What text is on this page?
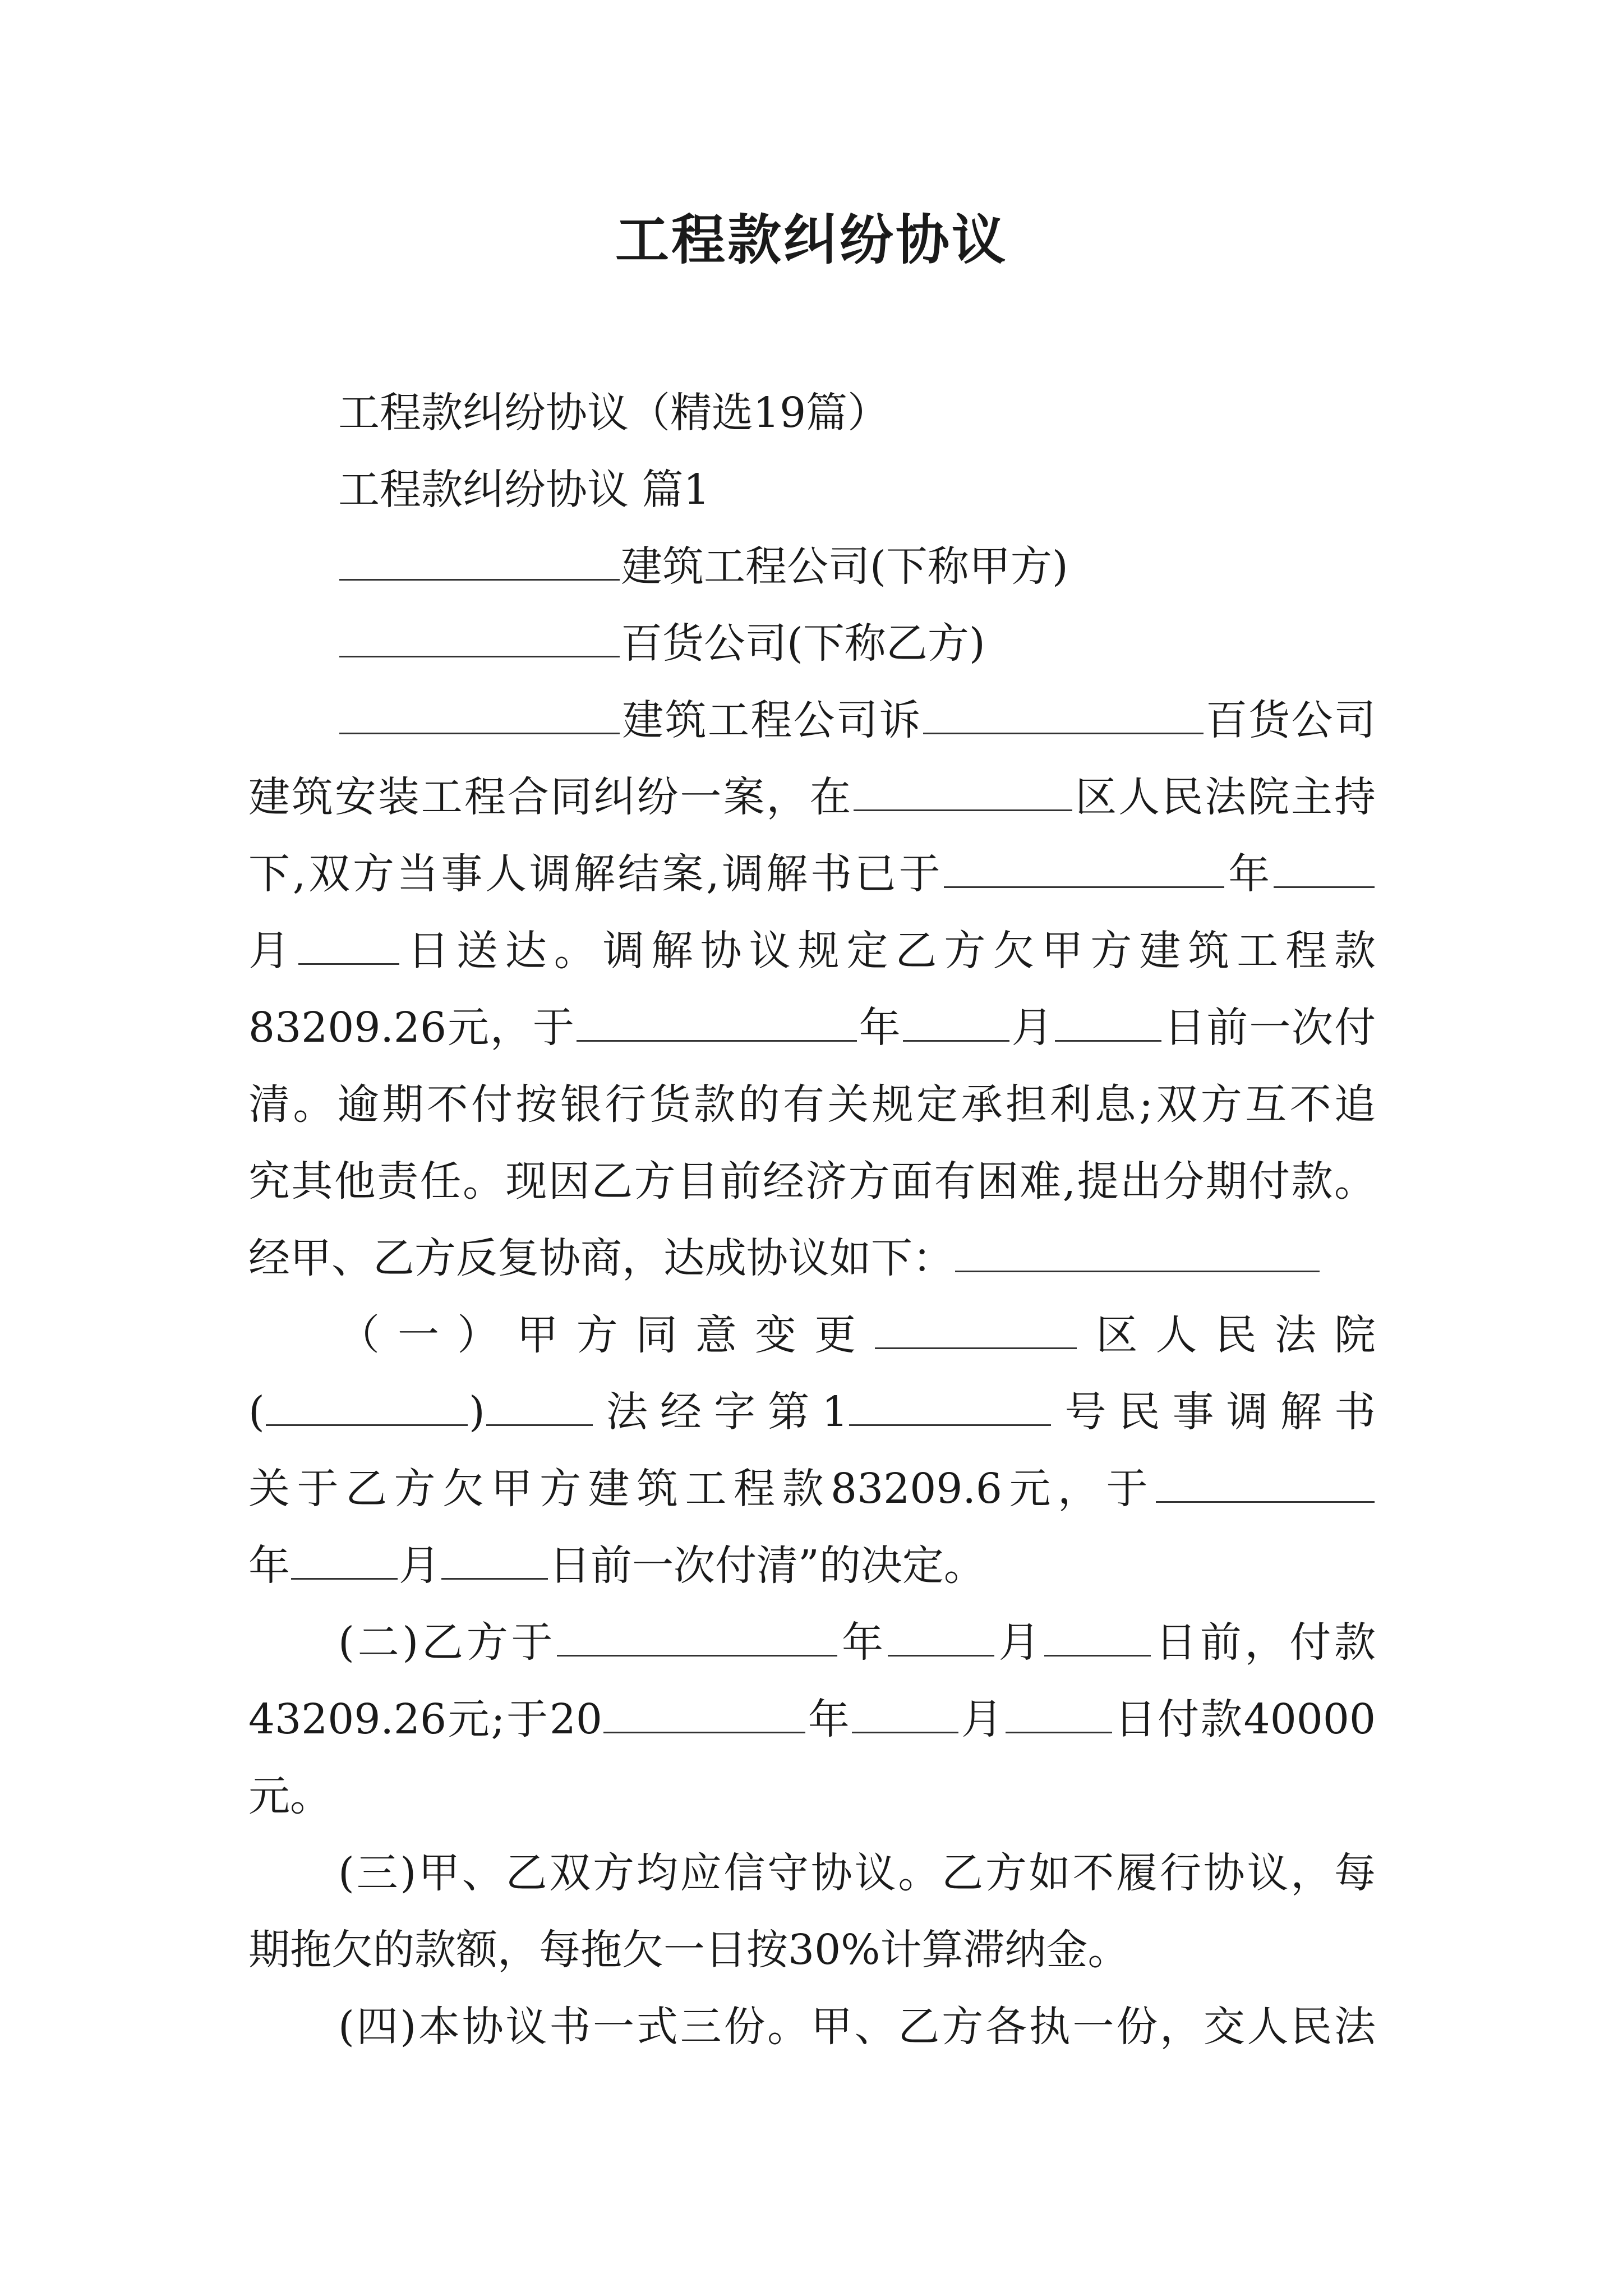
工程款纠纷协议
工程款纠纷协议（精选19篇）
工程款纠纷协议 篇1
建筑工程公司(下称甲方)
百货公司(下称乙方)
建筑工程公司诉	百货公司
建筑安装工程合同纠纷一案，在	区人民法院主持
下,双方当事人调解结案,调解书已于	年
月 日送达。调解协议规定乙方欠甲方建筑工程款
83209.26元，于	年	月	日前一次付
清。逾期不付按银行货款的有关规定承担利息;双方互不追
究其他责任。现因乙方目前经济方面有困难,提出分期付款。
经甲、乙方反复协商，达成协议如下：
（一）甲方同意变更	区人民法院
(	)	法经字第1	号民事调解书
关于乙方欠甲方建筑工程款83209.6元，于
年	月	日前一次付清”的决定。
(二)乙方于	年	月	日前，付款
43209.26元;于20	年	月	日付款40000
元。
(三)甲、乙双方均应信守协议。乙方如不履行协议，每
期拖欠的款额，每拖欠一日按30%计算滞纳金。
(四)本协议书一式三份。甲、乙方各执一份，交人民法
